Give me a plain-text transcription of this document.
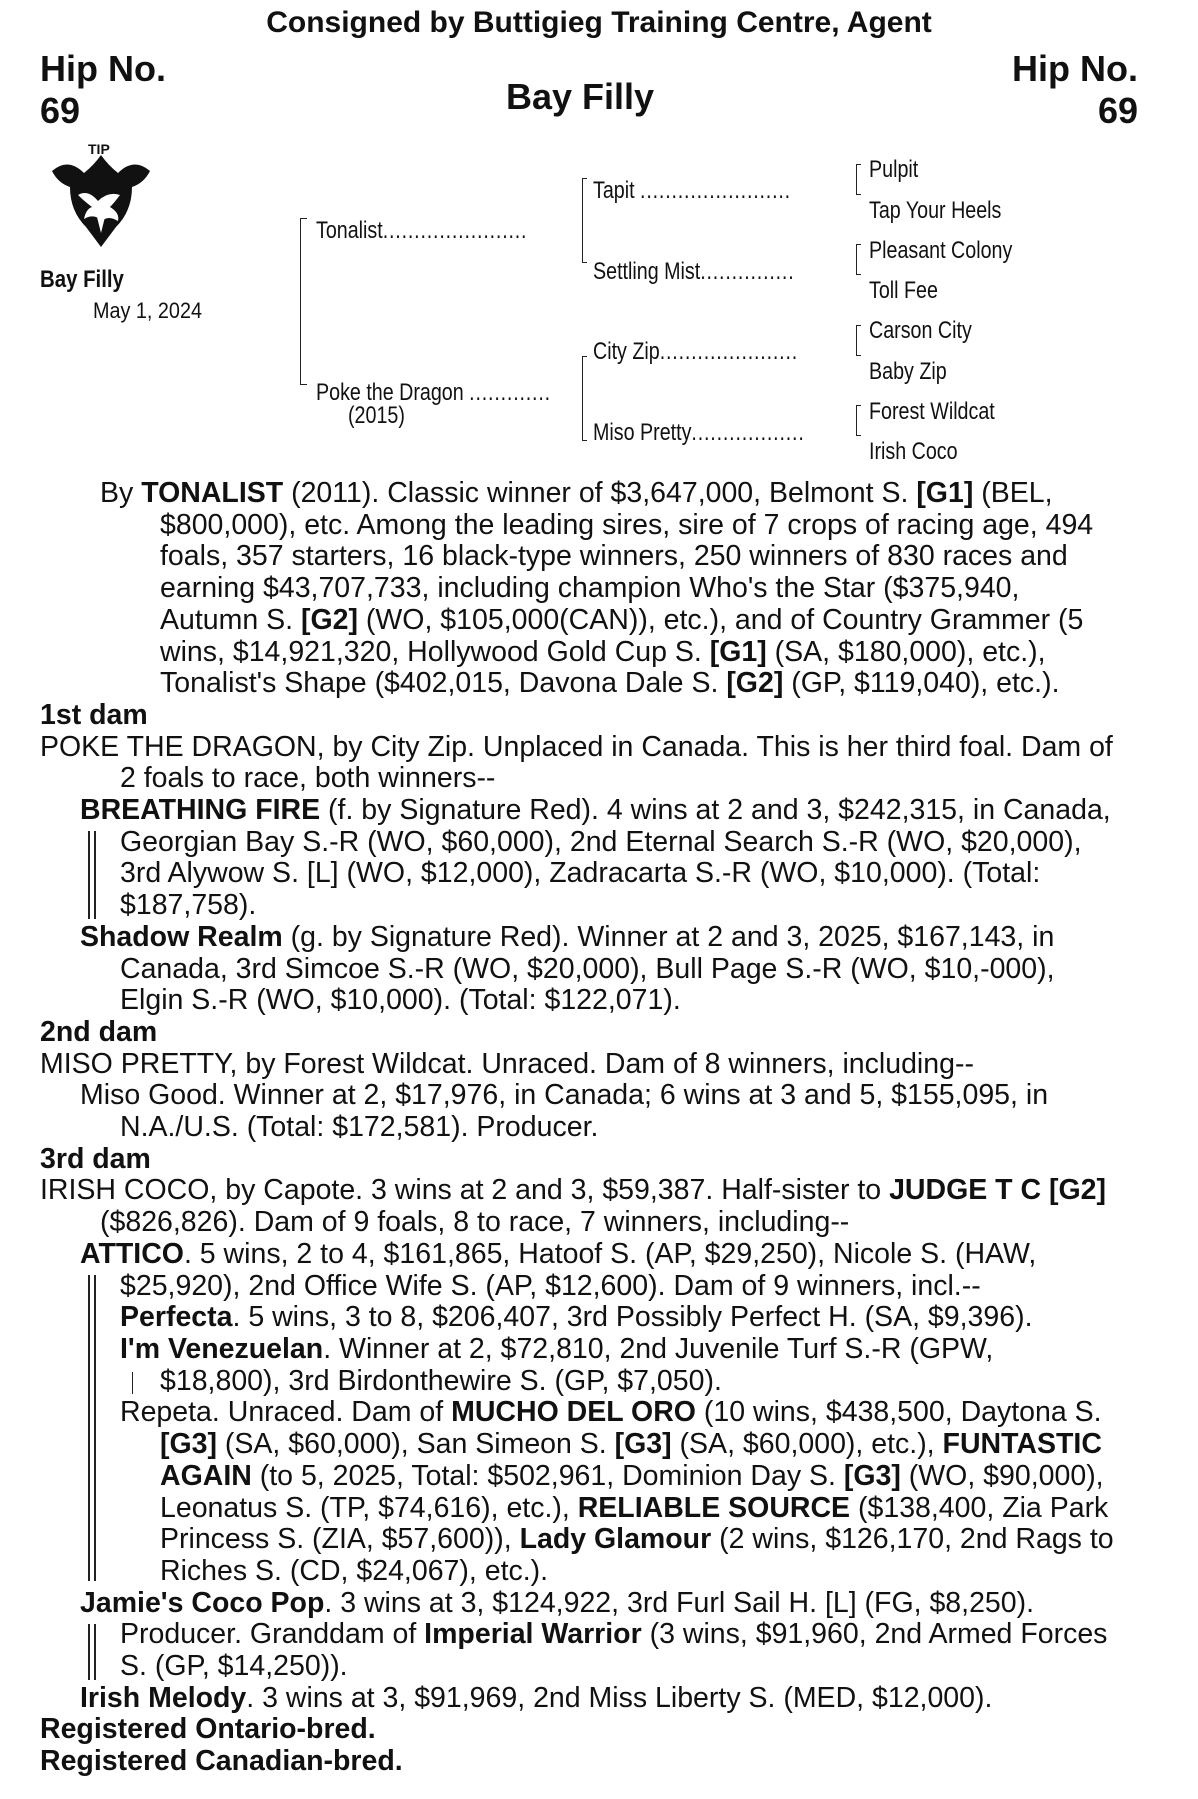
Consigned by Buttigieg Training Centre, Agent
Hip No.
69
Hip No.
69
Bay Filly
TIP
Bay Filly
May 1, 2024
Tonalist.......................
Poke the Dragon .............
(2015)
Tapit ........................
Settling Mist...............
City Zip......................
Miso Pretty..................
Pulpit
Tap Your Heels
Pleasant Colony
Toll Fee
Carson City
Baby Zip
Forest Wildcat
Irish Coco

By TONALIST (2011). Classic winner of $3,647,000, Belmont S. [G1] (BEL, $800,000), etc. Among the leading sires, sire of 7 crops of racing age, 494 foals, 357 starters, 16 black-type winners, 250 winners of 830 races and earning $43,707,733, including champion Who's the Star ($375,940, Autumn S. [G2] (WO, $105,000(CAN)), etc.), and of Country Grammer (5 wins, $14,921,320, Hollywood Gold Cup S. [G1] (SA, $180,000), etc.), Tonalist's Shape ($402,015, Davona Dale S. [G2] (GP, $119,040), etc.).

1st dam

POKE THE DRAGON, by City Zip. Unplaced in Canada. This is her third foal. Dam of 2 foals to race, both winners--

BREATHING FIRE (f. by Signature Red). 4 wins at 2 and 3, $242,315, in Canada, Georgian Bay S.-R (WO, $60,000), 2nd Eternal Search S.-R (WO, $20,000), 3rd Alywow S. [L] (WO, $12,000), Zadracarta S.-R (WO, $10,000). (Total: $187,758).

Shadow Realm (g. by Signature Red). Winner at 2 and 3, 2025, $167,143, in Canada, 3rd Simcoe S.-R (WO, $20,000), Bull Page S.-R (WO, $10,-000), Elgin S.-R (WO, $10,000). (Total: $122,071).

2nd dam

MISO PRETTY, by Forest Wildcat. Unraced. Dam of 8 winners, including--

Miso Good. Winner at 2, $17,976, in Canada; 6 wins at 3 and 5, $155,095, in N.A./U.S. (Total: $172,581). Producer.

3rd dam

IRISH COCO, by Capote. 3 wins at 2 and 3, $59,387. Half-sister to JUDGE T C [G2] ($826,826). Dam of 9 foals, 8 to race, 7 winners, including--

ATTICO. 5 wins, 2 to 4, $161,865, Hatoof S. (AP, $29,250), Nicole S. (HAW, $25,920), 2nd Office Wife S. (AP, $12,600). Dam of 9 winners, incl.--

Perfecta. 5 wins, 3 to 8, $206,407, 3rd Possibly Perfect H. (SA, $9,396).

I'm Venezuelan. Winner at 2, $72,810, 2nd Juvenile Turf S.-R (GPW, $18,800), 3rd Birdonthewire S. (GP, $7,050).

Repeta. Unraced. Dam of MUCHO DEL ORO (10 wins, $438,500, Daytona S. [G3] (SA, $60,000), San Simeon S. [G3] (SA, $60,000), etc.), FUNTASTIC AGAIN (to 5, 2025, Total: $502,961, Dominion Day S. [G3] (WO, $90,000), Leonatus S. (TP, $74,616), etc.), RELIABLE SOURCE ($138,400, Zia Park Princess S. (ZIA, $57,600)), Lady Glamour (2 wins, $126,170, 2nd Rags to Riches S. (CD, $24,067), etc.).

Jamie's Coco Pop. 3 wins at 3, $124,922, 3rd Furl Sail H. [L] (FG, $8,250). Producer. Granddam of Imperial Warrior (3 wins, $91,960, 2nd Armed Forces S. (GP, $14,250)).

Irish Melody. 3 wins at 3, $91,969, 2nd Miss Liberty S. (MED, $12,000).

Registered Ontario-bred.

Registered Canadian-bred.
